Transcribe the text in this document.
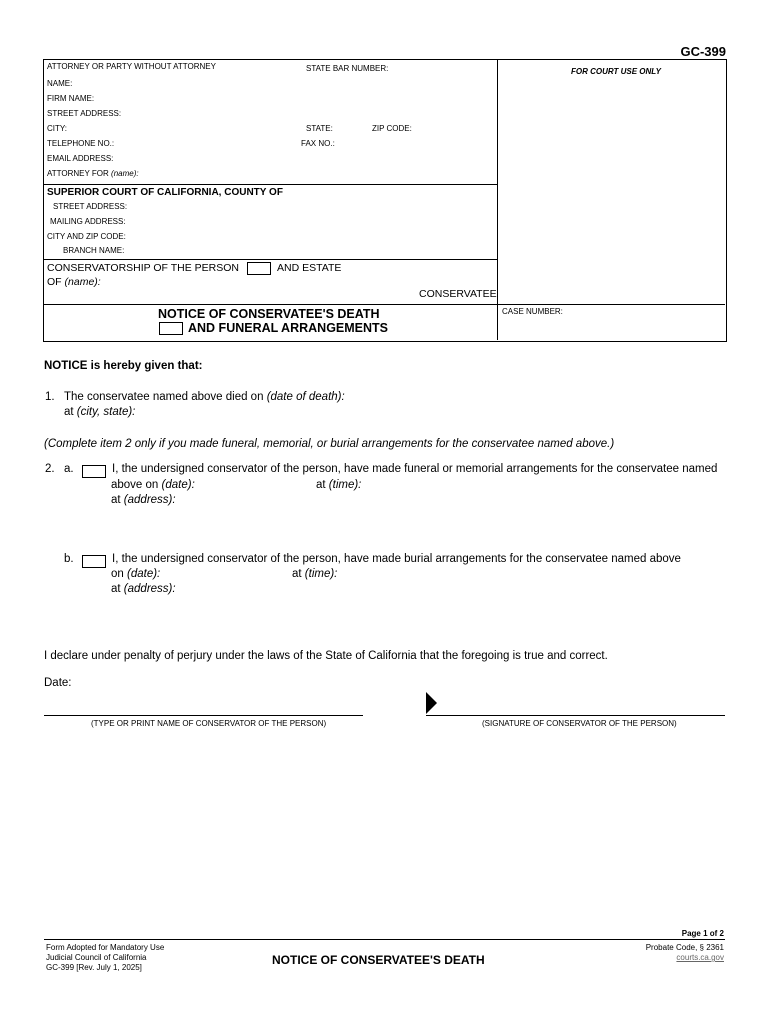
GC-399
ATTORNEY OR PARTY WITHOUT ATTORNEY	STATE BAR NUMBER:	FOR COURT USE ONLY
NAME:
FIRM NAME:
STREET ADDRESS:
CITY:	STATE:	ZIP CODE:
TELEPHONE NO.:	FAX NO.:
EMAIL ADDRESS:
ATTORNEY FOR (name):
SUPERIOR COURT OF CALIFORNIA, COUNTY OF
STREET ADDRESS:
MAILING ADDRESS:
CITY AND ZIP CODE:
BRANCH NAME:
CONSERVATORSHIP OF THE PERSON	AND ESTATE
OF (name):
CONSERVATEE
NOTICE OF CONSERVATEE'S DEATH
AND FUNERAL ARRANGEMENTS
CASE NUMBER:
NOTICE is hereby given that:
1. The conservatee named above died on (date of death):
at (city, state):
(Complete item 2 only if you made funeral, memorial, or burial arrangements for the conservatee named above.)
2. a.	I, the undersigned conservator of the person, have made funeral or memorial arrangements for the conservatee named
above on (date):	at (time):
at (address):
b.	I, the undersigned conservator of the person, have made burial arrangements for the conservatee named above
on (date):	at (time):
at (address):
I declare under penalty of perjury under the laws of the State of California that the foregoing is true and correct.
Date:
(TYPE OR PRINT NAME OF CONSERVATOR OF THE PERSON)	(SIGNATURE OF CONSERVATOR OF THE PERSON)
Page 1 of 2
Form Adopted for Mandatory Use
Judicial Council of California
GC-399 [Rev. July 1, 2025]
NOTICE OF CONSERVATEE'S DEATH
Probate Code, § 2361
courts.ca.gov
